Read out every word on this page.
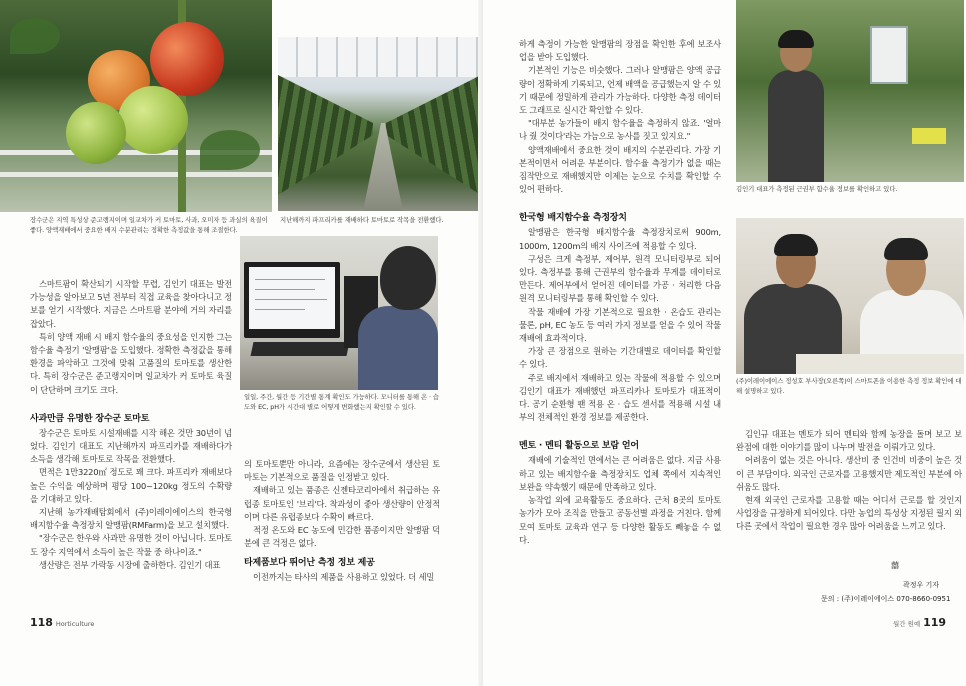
장수군은 지역 특성상 준고랭지이며 일교차가 커 토마토, 사과, 오미자 등 과실의 육질이 좋다. 양액재배에서 중요한 배지 수분관리는 정확한 측정값을 통해 조절한다.
지난해까지 파프리카를 재배하다 토마토로 작목을 전환했다.
일일, 주간, 월간 등 기간별 통계 확인도 가능하다. 모니터를 통해 온 · 습도와 EC, pH가 시간대 별로 어떻게 변화했는지 확인할 수 있다.

스마트팜이 확산되기 시작할 무렵, 김인기 대표는 발전 가능성을 알아보고 5년 전부터 직접 교육을 찾아다니고 정보를 얻기 시작했다. 지금은 스마트팜 분야에 거의 자리를 잡았다.

특히 양액 재배 시 배지 함수율의 중요성을 인지한 그는 함수율 측정기 '알맹팜'을 도입했다. 정확한 측정값을 통해 환경을 파악하고 그것에 맞춰 고품질의 토마토를 생산한다. 특히 장수군은 준고랭지이며 일교차가 커 토마토 육질이 단단하며 크기도 크다.

사과만큼 유명한 장수군 토마토

장수군은 토마토 시설재배를 시작 해온 것만 30년이 넘었다. 김인기 대표도 지난해까지 파프리카를 재배하다가 소득을 생각해 토마토로 작목을 전환했다.

면적은 1만3220㎡ 정도로 꽤 크다. 파프리카 재배보다 높은 수익을 예상하며 평당 100~120kg 정도의 수확량을 기대하고 있다.

지난해 농가재배탐회에서 (주)이레이에이스의 한국형 배지함수율 측정장치 알맹팜(RMFarm)을 보고 설치했다.

"장수군은 한우와 사과만 유명한 것이 아닙니다. 토마토도 장수 지역에서 소득이 높은 작물 중 하나이죠."

생산량은 전부 가락동 시장에 출하한다. 김인기 대표

의 토마토뿐만 아니라, 요즘에는 장수군에서 생산된 토마토는 기본적으로 품질을 인정받고 있다.

재배하고 있는 품종은 신젠타코리아에서 취급하는 유럽종 토마토인 '브리'다. 착과성이 좋아 생산량이 안정적이며 다른 유럽종보다 수확이 빠르다.

적정 온도와 EC 농도에 민감한 품종이지만 알맹팜 덕분에 큰 걱정은 없다.

타제품보다 뛰어난 측정 정보 제공

이전까지는 타사의 제품을 사용하고 있었다. 더 세밀

118 Horticulture

하게 측정이 가능한 알맹팜의 장점을 확인한 후에 보조사업을 받아 도입했다.

기본적인 기능은 비슷했다. 그러나 알맹팜은 양액 공급량이 정확하게 기록되고, 언제 배액을 공급했는지 알 수 있기 때문에 정밀하게 관리가 가능하다. 다양한 측정 데이터도 그래프로 실시간 확인할 수 있다.

"대부분 농가들이 배지 함수율을 측정하지 않죠. '얼마나 줬 것이다'라는 가늠으로 농사를 짓고 있지요."

양액재배에서 중요한 것이 배지의 수분관리다. 가장 기본적이면서 어려운 부분이다. 함수율 측정기가 없을 때는 짐작만으로 재배했지만 이제는 눈으로 수치를 확인할 수 있어 편하다.

한국형 배지함수율 측정장치

알맹팜은 한국형 배지함수율 측정장치로써 900m, 1000m, 1200m의 배지 사이즈에 적용할 수 있다.

구성은 크게 측정부, 제어부, 원격 모니터링부로 되어 있다. 측정부를 통해 근권부의 함수율과 무게를 데이터로 만든다. 제어부에서 얻어진 데이터를 가공 · 처리한 다음 원격 모니터링부를 통해 확인할 수 있다.

작물 재배에 가장 기본적으로 필요한 · 온습도 관리는 물론, pH, EC 농도 등 여러 가지 정보를 얻을 수 있어 작물 재배에 효과적이다.

가장 큰 장점으로 원하는 기간대별로 데이터를 확인할 수 있다.

주로 배지에서 재배하고 있는 작물에 적용할 수 있으며 김인기 대표가 재배했던 파프리카나 토마토가 대표적이다. 공기 순환형 팬 적용 온 · 습도 센서를 적용해 시설 내부의 전체적인 환경 정보를 제공한다.

멘토 · 멘티 활동으로 보람 얻어

재배에 기술적인 면에서는 큰 어려움은 없다. 지금 사용하고 있는 배지함수율 측정장치도 업체 쪽에서 지속적인 보완을 약속했기 때문에 만족하고 있다.

농작업 외에 교육활동도 중요하다. 근처 8곳의 토마토 농가가 모아 조직을 만들고 공동선별 과정을 거친다. 함께 모여 토마토 교육과 연구 등 다양한 활동도 빼놓을 수 없다.

김인기 대표가 측정된 근권부 함수율 정보를 확인하고 있다.
(주)이레이에이스 정성호 부사장(오른쪽)이 스마트폰을 이용한 측정 정보 확인에 대해 설명하고 있다.

김인규 대표는 멘토가 되어 멘티와 함께 농장을 돌며 보고 보완점에 대한 이야기를 많이 나누며 발전을 이뤄가고 있다.

어려움이 없는 것은 아니다. 생산비 중 인건비 비중이 높은 것이 큰 부담이다. 외국인 근로자를 고용했지만 제도적인 부분에 아쉬움도 많다.

현재 외국인 근로자를 고용할 때는 어디서 근로를 할 것인지 사업장을 규정하게 되어있다. 다만 농업의 특성상 지정된 필지 외 다른 곳에서 작업이 필요한 경우 많아 어려움을 느끼고 있다.

囍
곽정우 기자
문의 : (주)이레이에이스 070-8660-0951
월간 원예 119
